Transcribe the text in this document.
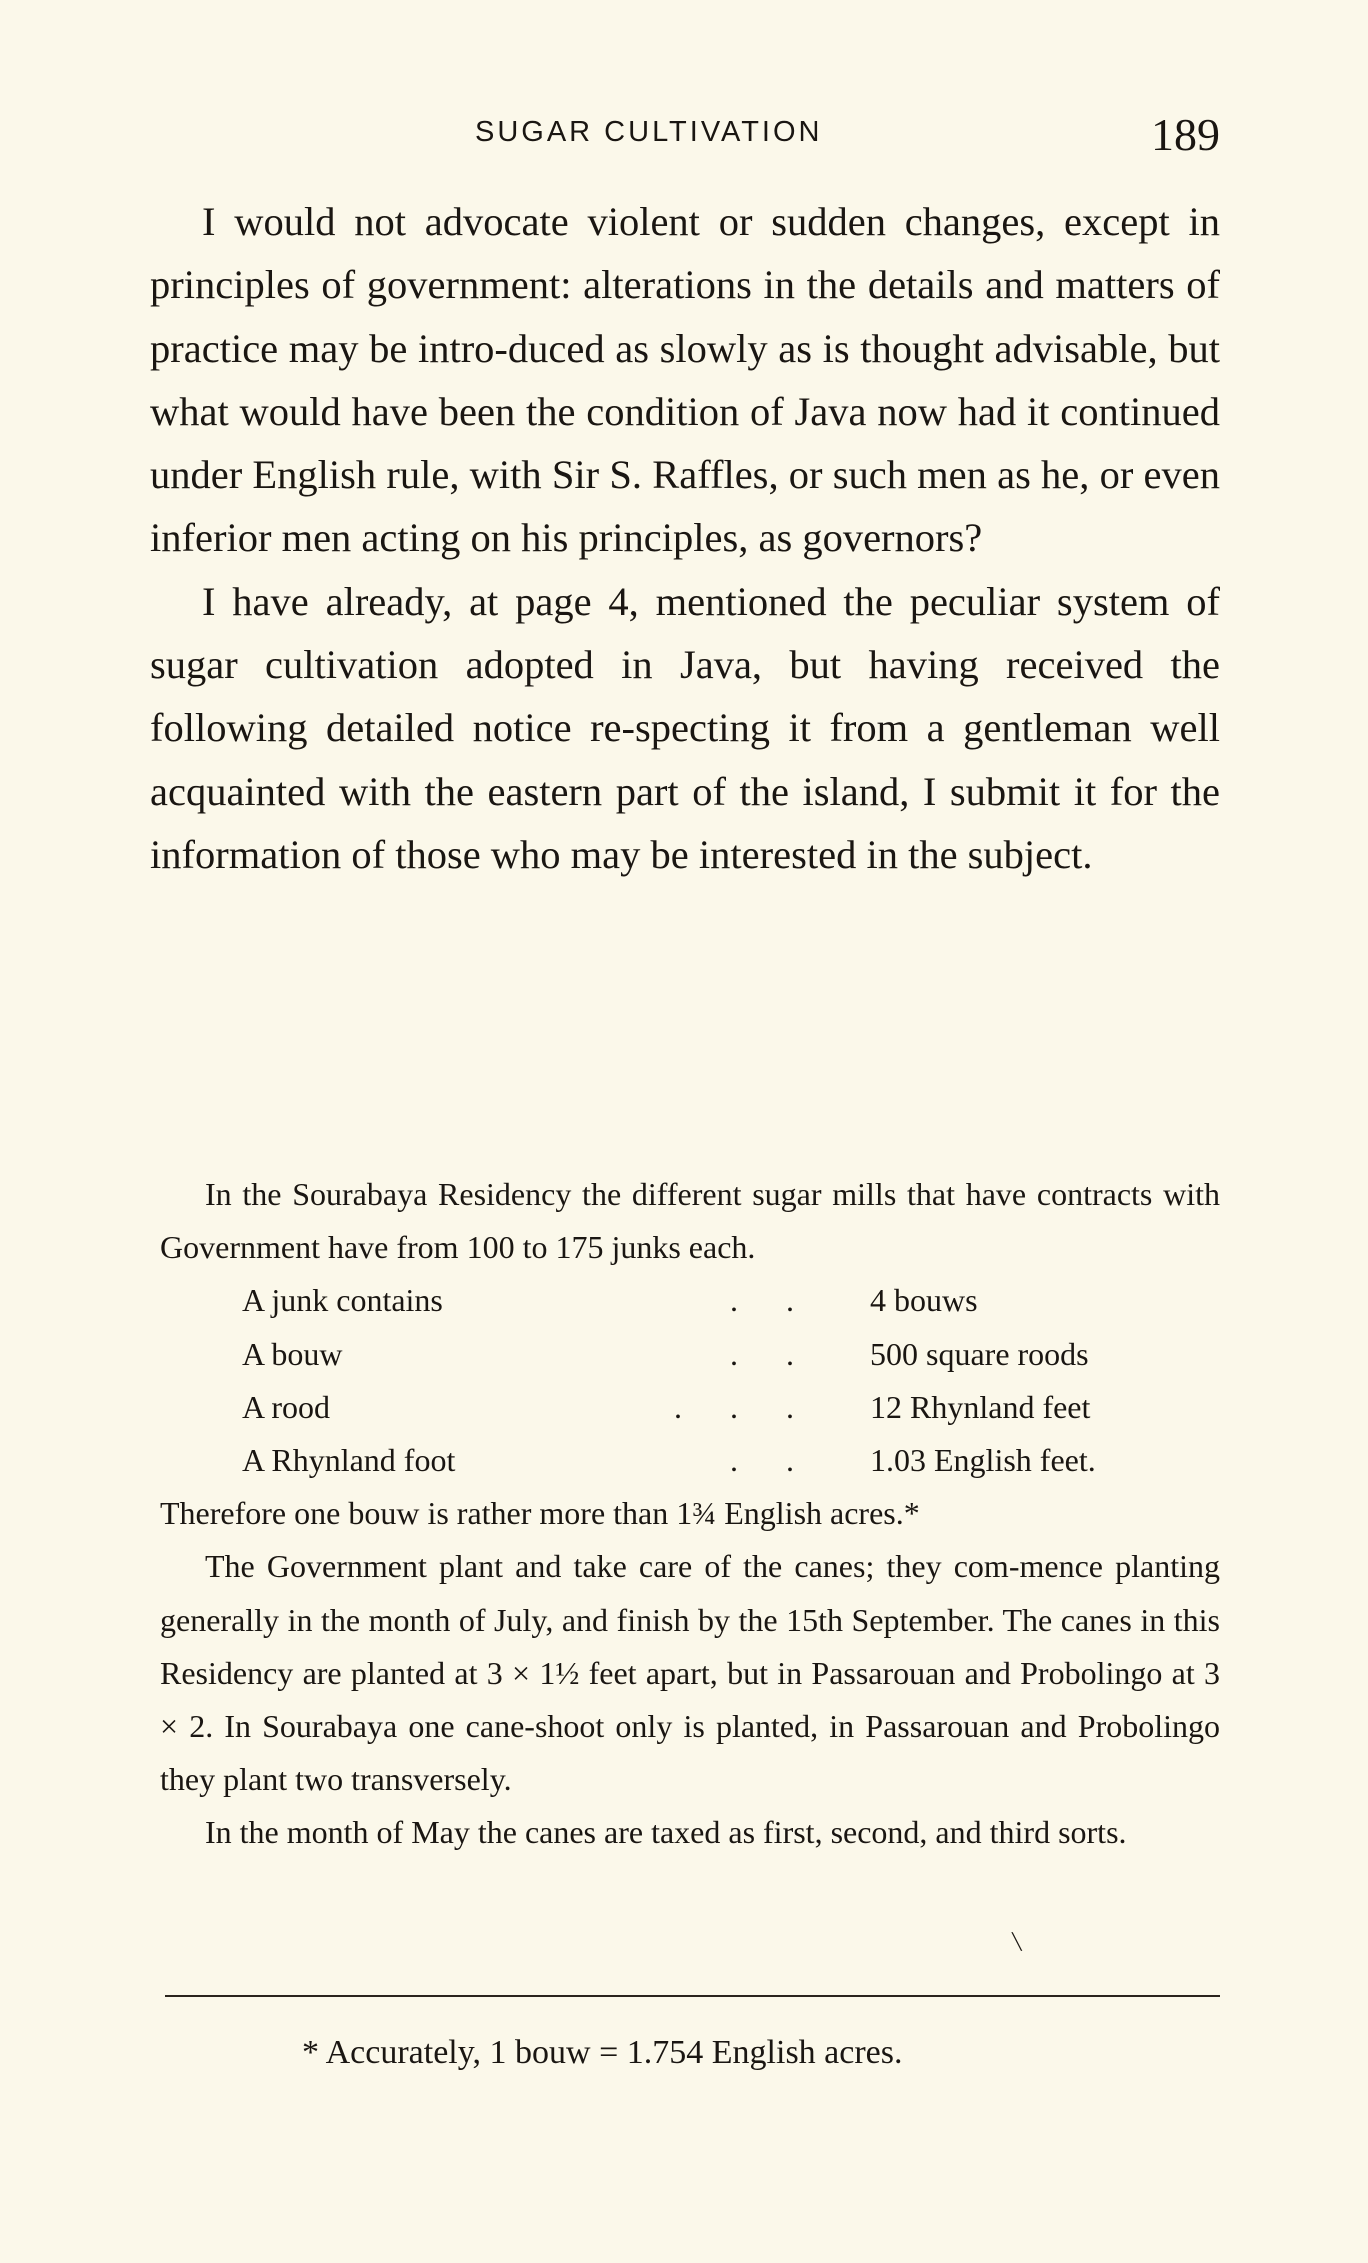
SUGAR CULTIVATION	189

I would not advocate violent or sudden changes, except in principles of government: alterations in the details and matters of practice may be intro-duced as slowly as is thought advisable, but what would have been the condition of Java now had it continued under English rule, with Sir S. Raffles, or such men as he, or even inferior men acting on his principles, as governors?

I have already, at page 4, mentioned the peculiar system of sugar cultivation adopted in Java, but having received the following detailed notice re-specting it from a gentleman well acquainted with the eastern part of the island, I submit it for the information of those who may be interested in the subject.

In the Sourabaya Residency the different sugar mills that have contracts with Government have from 100 to 175 junks each.

A junk contains	..	4 bouws
A bouw	..	500 square roods
A rood	...	12 Rhynland feet
A Rhynland foot	..	1.03 English feet.

Therefore one bouw is rather more than 1¾ English acres.*

The Government plant and take care of the canes; they com-mence planting generally in the month of July, and finish by the 15th September. The canes in this Residency are planted at 3 × 1½ feet apart, but in Passarouan and Probolingo at 3 × 2. In Sourabaya one cane-shoot only is planted, in Passarouan and Probolingo they plant two transversely.

In the month of May the canes are taxed as first, second, and third sorts.

╲
* Accurately, 1 bouw = 1.754 English acres.
